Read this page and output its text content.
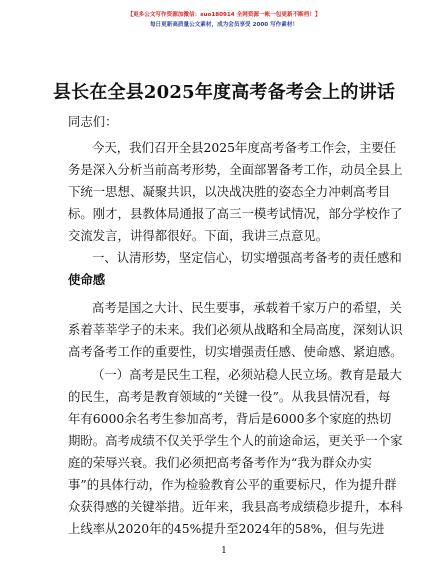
【更多公文写作资源加微信：suo180914 全网资源一帐一包更新不断档！】
每日更新高质量公文素材，成为会员享受 2000 写作素材！
县长在全县2025年度高考备考会上的讲话
同志们：
今天，我们召开全县2025年度高考备考工作会，主要任
务是深入分析当前高考形势，全面部署备考工作，动员全县上
下统一思想、凝聚共识，以决战决胜的姿态全力冲刺高考目
标。刚才，县教体局通报了高三一模考试情况，部分学校作了
交流发言，讲得都很好。下面，我讲三点意见。
一、认清形势，坚定信心，切实增强高考备考的责任感和
使命感
高考是国之大计、民生要事，承载着千家万户的希望，关
系着莘莘学子的未来。我们必须从战略和全局高度，深刻认识
高考备考工作的重要性，切实增强责任感、使命感、紧迫感。
（一）高考是民生工程，必须站稳人民立场。教育是最大
的民生，高考是教育领域的“关键一役”。从我县情况看，每
年有6000余名考生参加高考，背后是6000多个家庭的热切
期盼。高考成绩不仅关乎学生个人的前途命运，更关乎一个家
庭的荣辱兴衰。我们必须把高考备考作为“我为群众办实
事”的具体行动，作为检验教育公平的重要标尺，作为提升群
众获得感的关键举措。近年来，我县高考成绩稳步提升，本科
上线率从2020年的45%提升至2024年的58%，但与先进
1
